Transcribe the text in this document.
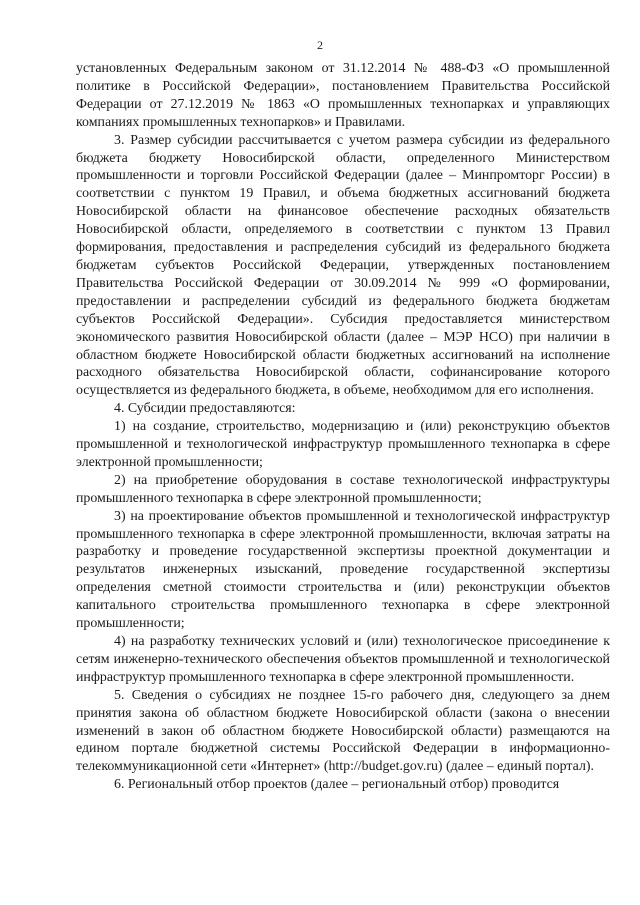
2

установленных Федеральным законом от 31.12.2014 № 488-ФЗ «О промышленной политике в Российской Федерации», постановлением Правительства Российской Федерации от 27.12.2019 № 1863 «О промышленных технопарках и управляющих компаниях промышленных технопарков» и Правилами.

3. Размер субсидии рассчитывается с учетом размера субсидии из федерального бюджета бюджету Новосибирской области, определенного Министерством промышленности и торговли Российской Федерации (далее – Минпромторг России) в соответствии с пунктом 19 Правил, и объема бюджетных ассигнований бюджета Новосибирской области на финансовое обеспечение расходных обязательств Новосибирской области, определяемого в соответствии с пунктом 13 Правил формирования, предоставления и распределения субсидий из федерального бюджета бюджетам субъектов Российской Федерации, утвержденных постановлением Правительства Российской Федерации от 30.09.2014 № 999 «О формировании, предоставлении и распределении субсидий из федерального бюджета бюджетам субъектов Российской Федерации». Субсидия предоставляется министерством экономического развития Новосибирской области (далее – МЭР НСО) при наличии в областном бюджете Новосибирской области бюджетных ассигнований на исполнение расходного обязательства Новосибирской области, софинансирование которого осуществляется из федерального бюджета, в объеме, необходимом для его исполнения.

4. Субсидии предоставляются:

1) на создание, строительство, модернизацию и (или) реконструкцию объектов промышленной и технологической инфраструктур промышленного технопарка в сфере электронной промышленности;

2) на приобретение оборудования в составе технологической инфраструктуры промышленного технопарка в сфере электронной промышленности;

3) на проектирование объектов промышленной и технологической инфраструктур промышленного технопарка в сфере электронной промышленности, включая затраты на разработку и проведение государственной экспертизы проектной документации и результатов инженерных изысканий, проведение государственной экспертизы определения сметной стоимости строительства и (или) реконструкции объектов капитального строительства промышленного технопарка в сфере электронной промышленности;

4) на разработку технических условий и (или) технологическое присоединение к сетям инженерно-технического обеспечения объектов промышленной и технологической инфраструктур промышленного технопарка в сфере электронной промышленности.

5. Сведения о субсидиях не позднее 15-го рабочего дня, следующего за днем принятия закона об областном бюджете Новосибирской области (закона о внесении изменений в закон об областном бюджете Новосибирской области) размещаются на едином портале бюджетной системы Российской Федерации в информационно-телекоммуникационной сети «Интернет» (http://budget.gov.ru) (далее – единый портал).

6. Региональный отбор проектов (далее – региональный отбор) проводится
